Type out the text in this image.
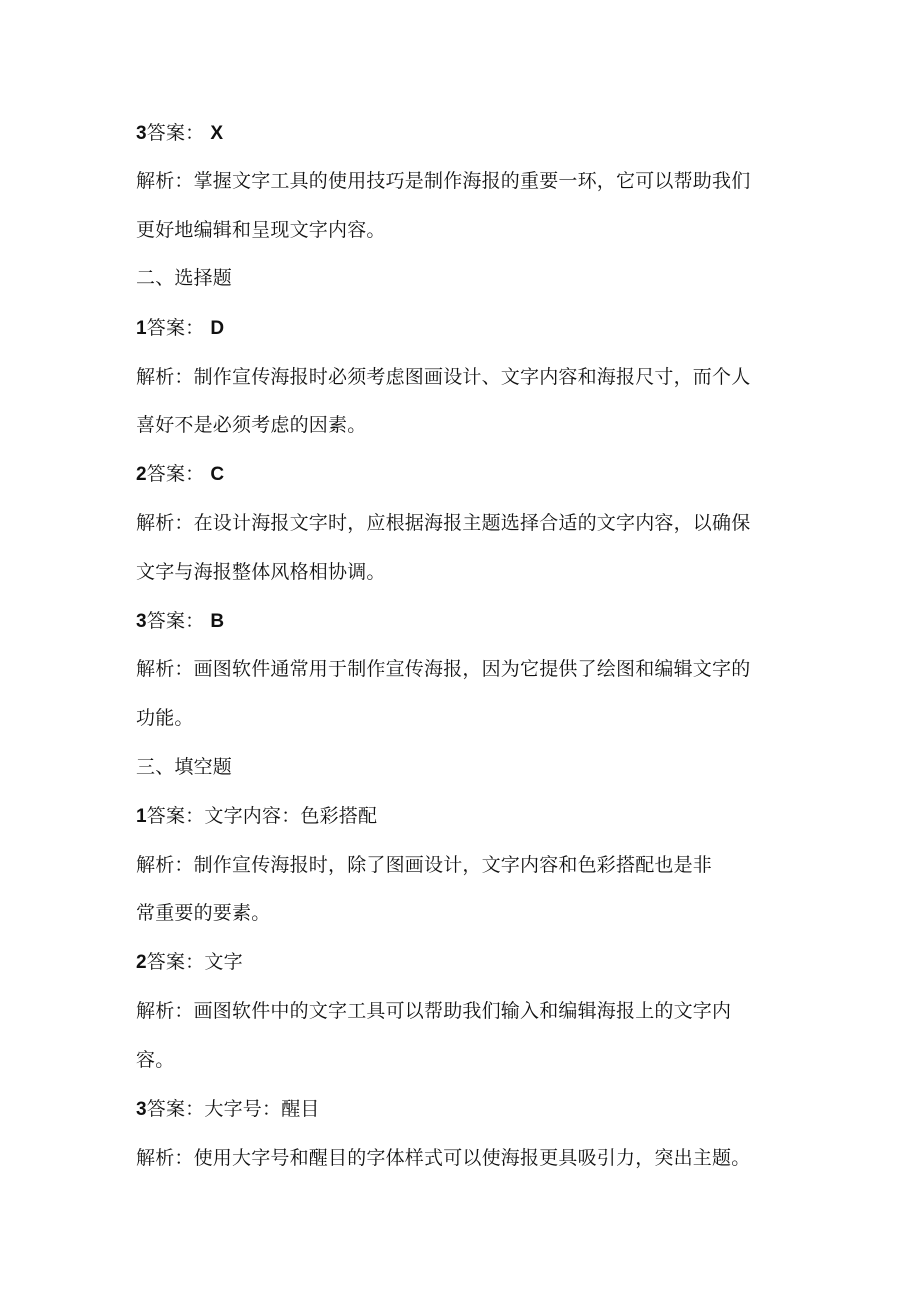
3答案： X
解析：掌握文字工具的使用技巧是制作海报的重要一环，它可以帮助我们
更好地编辑和呈现文字内容。
二、选择题
1答案： D
解析：制作宣传海报时必须考虑图画设计、文字内容和海报尺寸，而个人
喜好不是必须考虑的因素。
2答案： C
解析：在设计海报文字时，应根据海报主题选择合适的文字内容，以确保
文字与海报整体风格相协调。
3答案： B
解析：画图软件通常用于制作宣传海报，因为它提供了绘图和编辑文字的
功能。
三、填空题
1答案：文字内容：色彩搭配
解析：制作宣传海报时，除了图画设计，文字内容和色彩搭配也是非
常重要的要素。
2答案：文字
解析：画图软件中的文字工具可以帮助我们输入和编辑海报上的文字内
容。
3答案：大字号：醒目
解析：使用大字号和醒目的字体样式可以使海报更具吸引力，突出主题。
